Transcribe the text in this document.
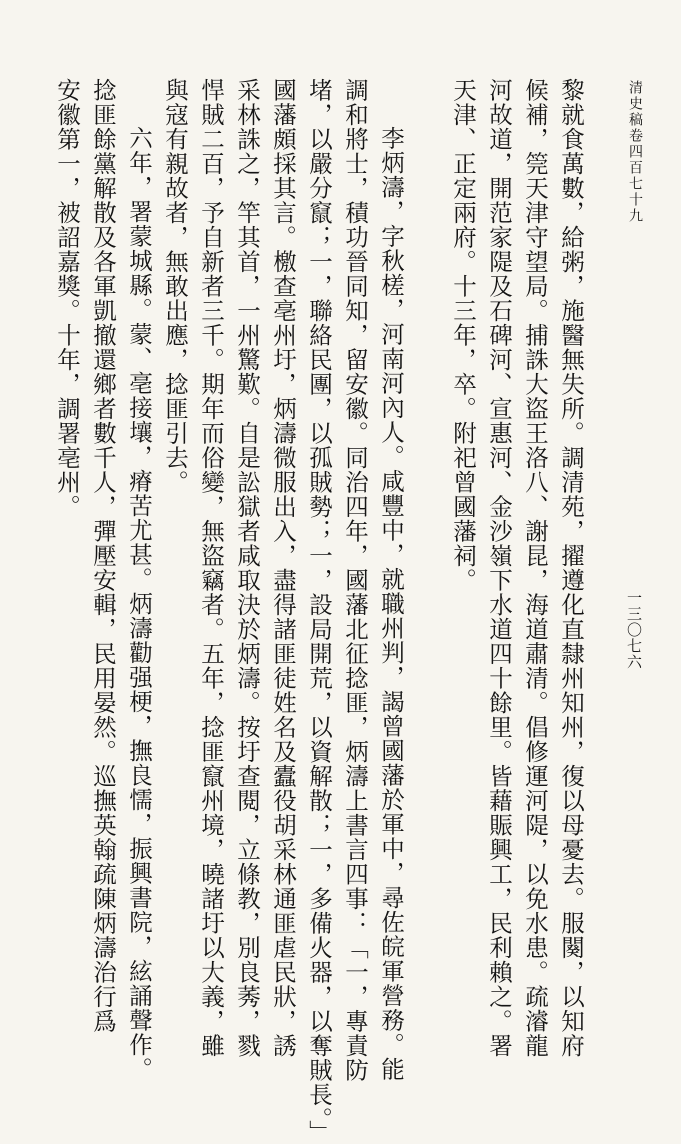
清史稿卷四百七十九
一三〇七六
黎就食萬數，給粥，施醫無失所。調清苑，擢遵化直隸州知州，復以母憂去。服闋，以知府
候補，筦天津守望局。捕誅大盜王洛八、謝昆，海道肅清。倡修運河隄，以免水患。疏濬龍
河故道，開范家隄及石碑河、宣惠河、金沙嶺下水道四十餘里。皆藉賑興工，民利賴之。署
天津、正定兩府。十三年，卒。附祀曾國藩祠。
李炳濤，字秋槎，河南河內人。咸豐中，就職州判，謁曾國藩於軍中，尋佐皖軍營務。能
調和將士，積功晉同知，留安徽。同治四年，國藩北征捻匪，炳濤上書言四事：「一，專責防
堵，以嚴分竄；一，聯絡民團，以孤賊勢；一，設局開荒，以資解散；一，多備火器，以奪賊長。」
國藩頗採其言。檄查亳州圩，炳濤微服出入，盡得諸匪徒姓名及蠹役胡采林通匪虐民狀，誘
采林誅之，竿其首，一州驚歎。自是訟獄者咸取決於炳濤。按圩查閱，立條教，別良莠，戮
悍賊二百，予自新者三千。期年而俗變，無盜竊者。五年，捻匪竄州境，曉諸圩以大義，雖
與寇有親故者，無敢出應，捻匪引去。
六年，署蒙城縣。蒙、亳接壤，瘠苦尤甚。炳濤勸强梗，撫良懦，振興書院，絃誦聲作。
捻匪餘黨解散及各軍凱撤還鄉者數千人，彈壓安輯，民用晏然。巡撫英翰疏陳炳濤治行爲
安徽第一，被詔嘉獎。十年，調署亳州。
